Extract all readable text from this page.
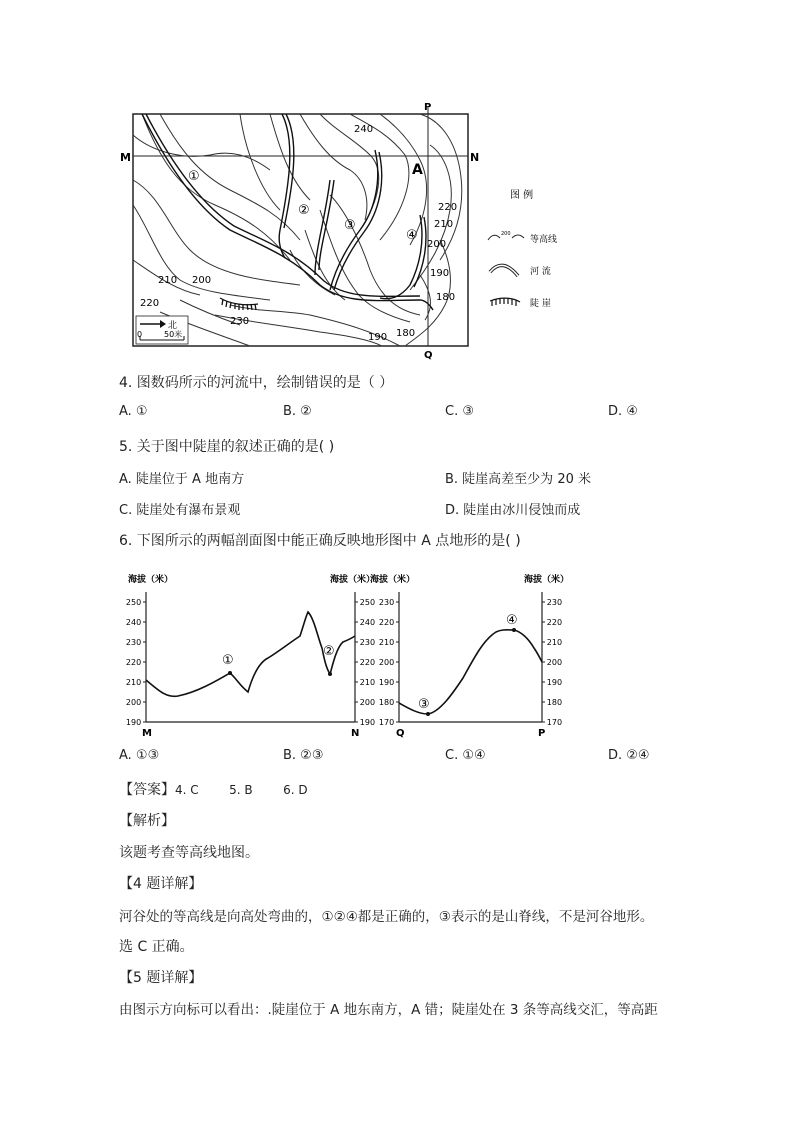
M	N
P
Q
A
①
②
③
④
240
220
210
200
190
180
210 200
220
230
190 180
北
0	50米
图 例
200
等高线
河 流
陡 崖
4. 图数码所示的河流中，绘制错误的是（ ）
A. ①	B. ②	C. ③	D. ④
5. 关于图中陡崖的叙述正确的是( )
A. 陡崖位于 A 地南方	B. 陡崖高差至少为 20 米
C. 陡崖处有瀑布景观	D. 陡崖由冰川侵蚀而成
6. 下图所示的两幅剖面图中能正确反映地形图中 A 点地形的是( )
海拔（米）	海拔（米）
250	250
240	240
230	230
220	220
210	210
200	200
190	190
①
②
M	N
海拔（米）	海拔（米）
230	230
220	220
210	210
200	200
190	190
180	180
170	170
③
④
Q	P
A. ①③	B. ②③	C. ①④	D. ②④
【答案】4. C        5. B        6. D
【解析】
该题考查等高线地图。
【4 题详解】
河谷处的等高线是向高处弯曲的，①②④都是正确的，③表示的是山脊线，不是河谷地形。
选 C 正确。
【5 题详解】
由图示方向标可以看出：.陡崖位于 A 地东南方，A 错；陡崖处在 3 条等高线交汇，等高距
